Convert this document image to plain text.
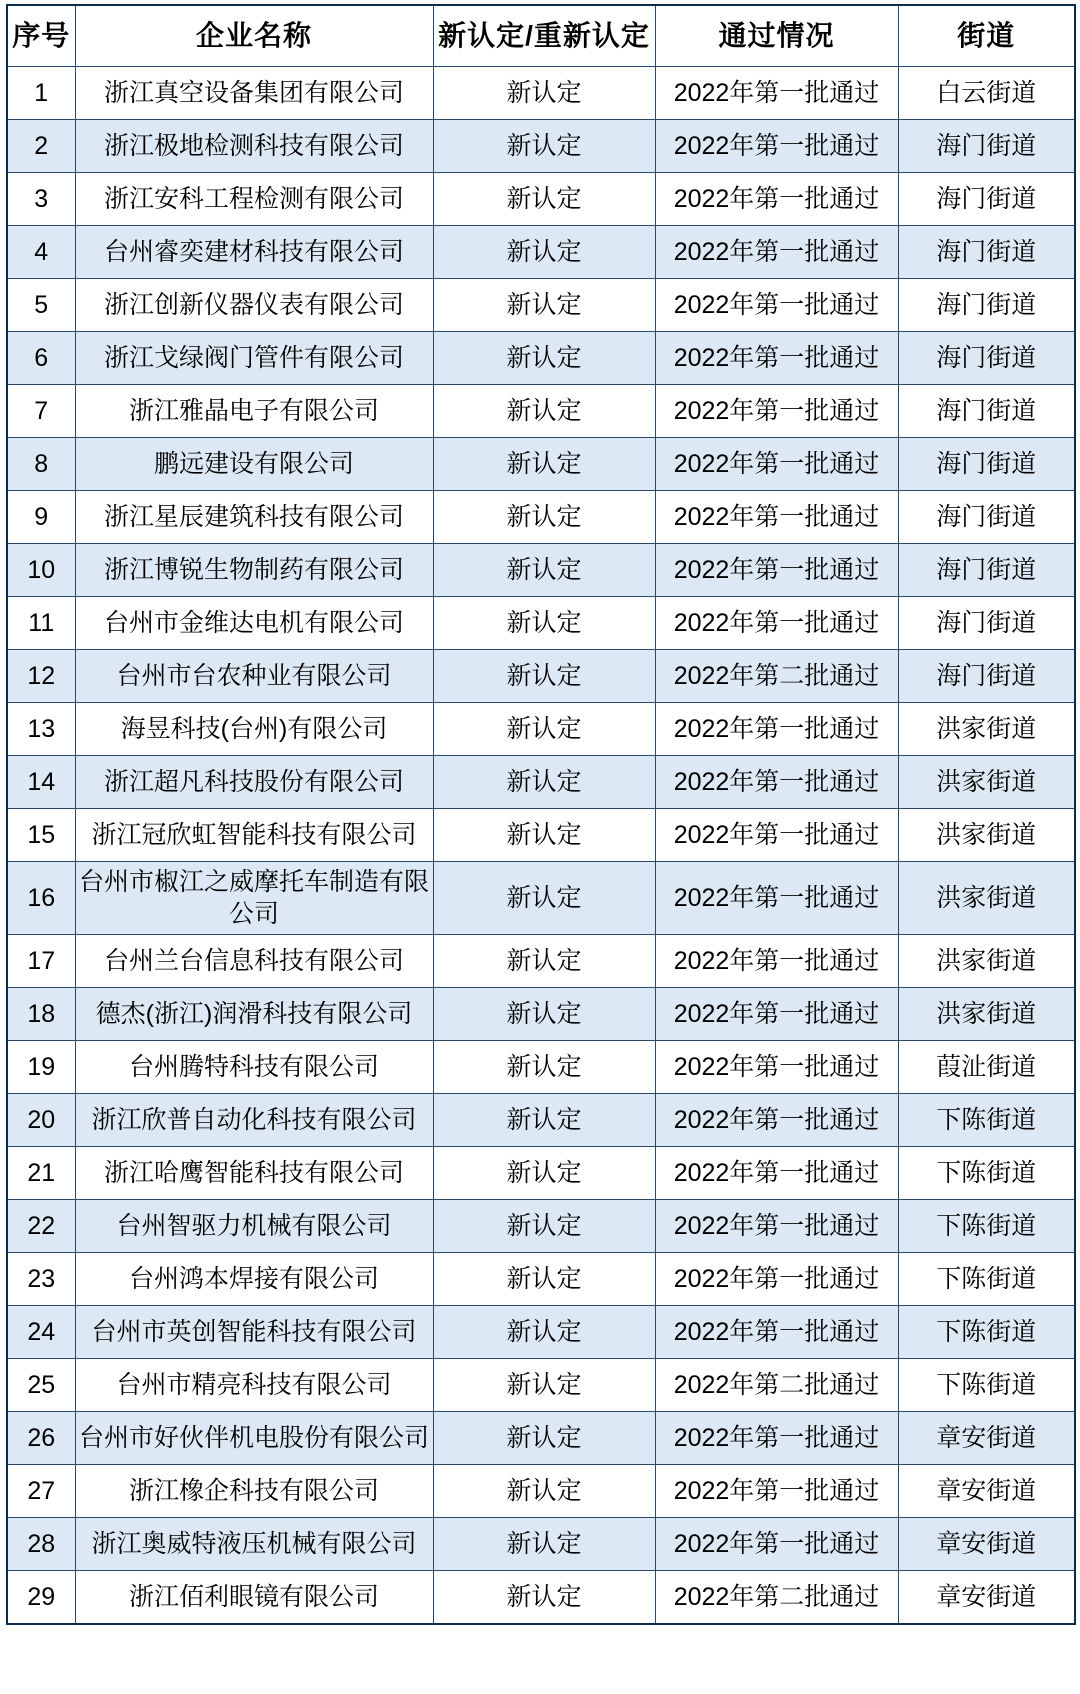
序号	企业名称	新认定/重新认定	通过情况	街道
1	浙江真空设备集团有限公司	新认定	2022年第一批通过	白云街道
2	浙江极地检测科技有限公司	新认定	2022年第一批通过	海门街道
3	浙江安科工程检测有限公司	新认定	2022年第一批通过	海门街道
4	台州睿奕建材科技有限公司	新认定	2022年第一批通过	海门街道
5	浙江创新仪器仪表有限公司	新认定	2022年第一批通过	海门街道
6	浙江戈绿阀门管件有限公司	新认定	2022年第一批通过	海门街道
7	浙江雅晶电子有限公司	新认定	2022年第一批通过	海门街道
8	鹏远建设有限公司	新认定	2022年第一批通过	海门街道
9	浙江星辰建筑科技有限公司	新认定	2022年第一批通过	海门街道
10	浙江博锐生物制药有限公司	新认定	2022年第一批通过	海门街道
11	台州市金维达电机有限公司	新认定	2022年第一批通过	海门街道
12	台州市台农种业有限公司	新认定	2022年第二批通过	海门街道
13	海昱科技(台州)有限公司	新认定	2022年第一批通过	洪家街道
14	浙江超凡科技股份有限公司	新认定	2022年第一批通过	洪家街道
15	浙江冠欣虹智能科技有限公司	新认定	2022年第一批通过	洪家街道
16	台州市椒江之威摩托车制造有限公司	新认定	2022年第一批通过	洪家街道
17	台州兰台信息科技有限公司	新认定	2022年第一批通过	洪家街道
18	德杰(浙江)润滑科技有限公司	新认定	2022年第一批通过	洪家街道
19	台州腾特科技有限公司	新认定	2022年第一批通过	葭沚街道
20	浙江欣普自动化科技有限公司	新认定	2022年第一批通过	下陈街道
21	浙江哈鹰智能科技有限公司	新认定	2022年第一批通过	下陈街道
22	台州智驱力机械有限公司	新认定	2022年第一批通过	下陈街道
23	台州鸿本焊接有限公司	新认定	2022年第一批通过	下陈街道
24	台州市英创智能科技有限公司	新认定	2022年第一批通过	下陈街道
25	台州市精亮科技有限公司	新认定	2022年第二批通过	下陈街道
26	台州市好伙伴机电股份有限公司	新认定	2022年第一批通过	章安街道
27	浙江橡企科技有限公司	新认定	2022年第一批通过	章安街道
28	浙江奥威特液压机械有限公司	新认定	2022年第一批通过	章安街道
29	浙江佰利眼镜有限公司	新认定	2022年第二批通过	章安街道
